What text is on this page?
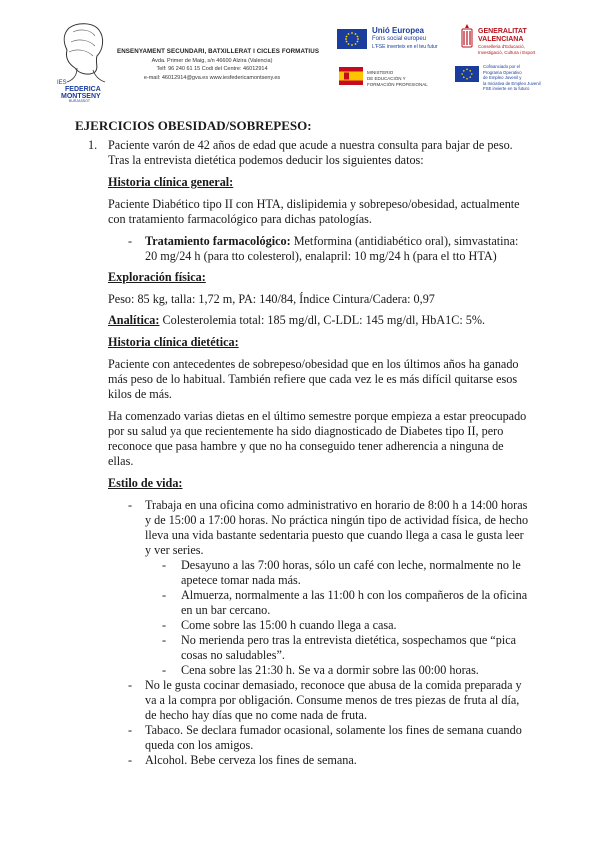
IES
FEDERICA
MONTSENY
BURJASSOT
ENSENYAMENT SECUNDARI, BATXILLERAT I CICLES FORMATIUS
Avda. Primer de Maig, s/n 46600 Alzira (Valencia)
Telf: 96 240 61 15 Codi del Centre: 46012914
e-mail: 46012914@gva.es www.iesfedericamontseny.es
Unió Europea
Fons social europeu
L'FSE inverteix en el teu futur
GENERALITAT
VALENCIANA
Conselleria d'Educació,
Investigació, Cultura i Esport
MINISTERIO
DE EDUCACIÓN Y
FORMACIÓN PROFESIONAL
Cofinanciado por el
Programa Operativo
de Empleo Juvenil y
la Iniciativa de Empleo Juvenil
FSE invierte en tu futuro
EJERCICIOS OBESIDAD/SOBREPESO:
1. Paciente varón de 42 años de edad que acude a nuestra consulta para bajar de peso.
Tras la entrevista dietética podemos deducir los siguientes datos:
Historia clínica general:
Paciente Diabético tipo II con HTA, dislipidemia y sobrepeso/obesidad, actualmente
con tratamiento farmacológico para dichas patologías.
- Tratamiento farmacológico: Metformina (antidiabético oral), simvastatina:
20 mg/24 h (para tto colesterol), enalapril: 10 mg/24 h (para el tto HTA)
Exploración física:
Peso: 85 kg, talla: 1,72 m, PA: 140/84, Índice Cintura/Cadera: 0,97
Analítica: Colesterolemia total: 185 mg/dl, C-LDL: 145 mg/dl, HbA1C: 5%.
Historia clínica dietética:
Paciente con antecedentes de sobrepeso/obesidad que en los últimos años ha ganado
más peso de lo habitual. También refiere que cada vez le es más difícil quitarse esos
kilos de más.
Ha comenzado varias dietas en el último semestre porque empieza a estar preocupado
por su salud ya que recientemente ha sido diagnosticado de Diabetes tipo II, pero
reconoce que pasa hambre y que no ha conseguido tener adherencia a ninguna de
ellas.
Estilo de vida:
- Trabaja en una oficina como administrativo en horario de 8:00 h a 14:00 horas
y de 15:00 a 17:00 horas. No práctica ningún tipo de actividad física, de hecho
lleva una vida bastante sedentaria puesto que cuando llega a casa le gusta leer
y ver series.
- Desayuno a las 7:00 horas, sólo un café con leche, normalmente no le
apetece tomar nada más.
- Almuerza, normalmente a las 11:00 h con los compañeros de la oficina
en un bar cercano.
- Come sobre las 15:00 h cuando llega a casa.
- No merienda pero tras la entrevista dietética, sospechamos que “pica
cosas no saludables”.
- Cena sobre las 21:30 h. Se va a dormir sobre las 00:00 horas.
- No le gusta cocinar demasiado, reconoce que abusa de la comida preparada y
va a la compra por obligación. Consume menos de tres piezas de fruta al día,
de hecho hay días que no come nada de fruta.
- Tabaco. Se declara fumador ocasional, solamente los fines de semana cuando
queda con los amigos.
- Alcohol. Bebe cerveza los fines de semana.
